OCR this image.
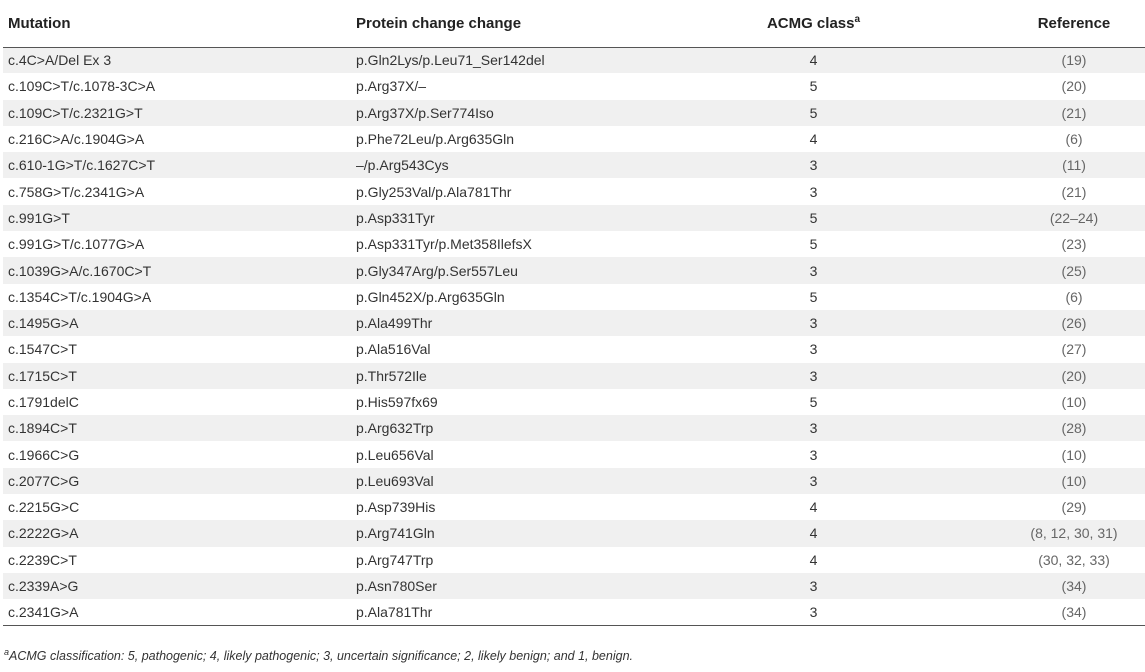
Mutation	Protein change change	ACMG class$^a$	Reference
c.4C>A/Del Ex 3	p.Gln2Lys/p.Leu71_Ser142del	4	(19)
c.109C>T/c.1078-3C>A	p.Arg37X/–	5	(20)
c.109C>T/c.2321G>T	p.Arg37X/p.Ser774Iso	5	(21)
c.216C>A/c.1904G>A	p.Phe72Leu/p.Arg635Gln	4	(6)
c.610-1G>T/c.1627C>T	–/p.Arg543Cys	3	(11)
c.758G>T/c.2341G>A	p.Gly253Val/p.Ala781Thr	3	(21)
c.991G>T	p.Asp331Tyr	5	(22–24)
c.991G>T/c.1077G>A	p.Asp331Tyr/p.Met358IlefsX	5	(23)
c.1039G>A/c.1670C>T	p.Gly347Arg/p.Ser557Leu	3	(25)
c.1354C>T/c.1904G>A	p.Gln452X/p.Arg635Gln	5	(6)
c.1495G>A	p.Ala499Thr	3	(26)
c.1547C>T	p.Ala516Val	3	(27)
c.1715C>T	p.Thr572Ile	3	(20)
c.1791delC	p.His597fx69	5	(10)
c.1894C>T	p.Arg632Trp	3	(28)
c.1966C>G	p.Leu656Val	3	(10)
c.2077C>G	p.Leu693Val	3	(10)
c.2215G>C	p.Asp739His	4	(29)
c.2222G>A	p.Arg741Gln	4	(8, 12, 30, 31)
c.2239C>T	p.Arg747Trp	4	(30, 32, 33)
c.2339A>G	p.Asn780Ser	3	(34)
c.2341G>A	p.Ala781Thr	3	(34)
$^a$ACMG classification: 5, pathogenic; 4, likely pathogenic; 3, uncertain significance; 2, likely benign; and 1, benign.
